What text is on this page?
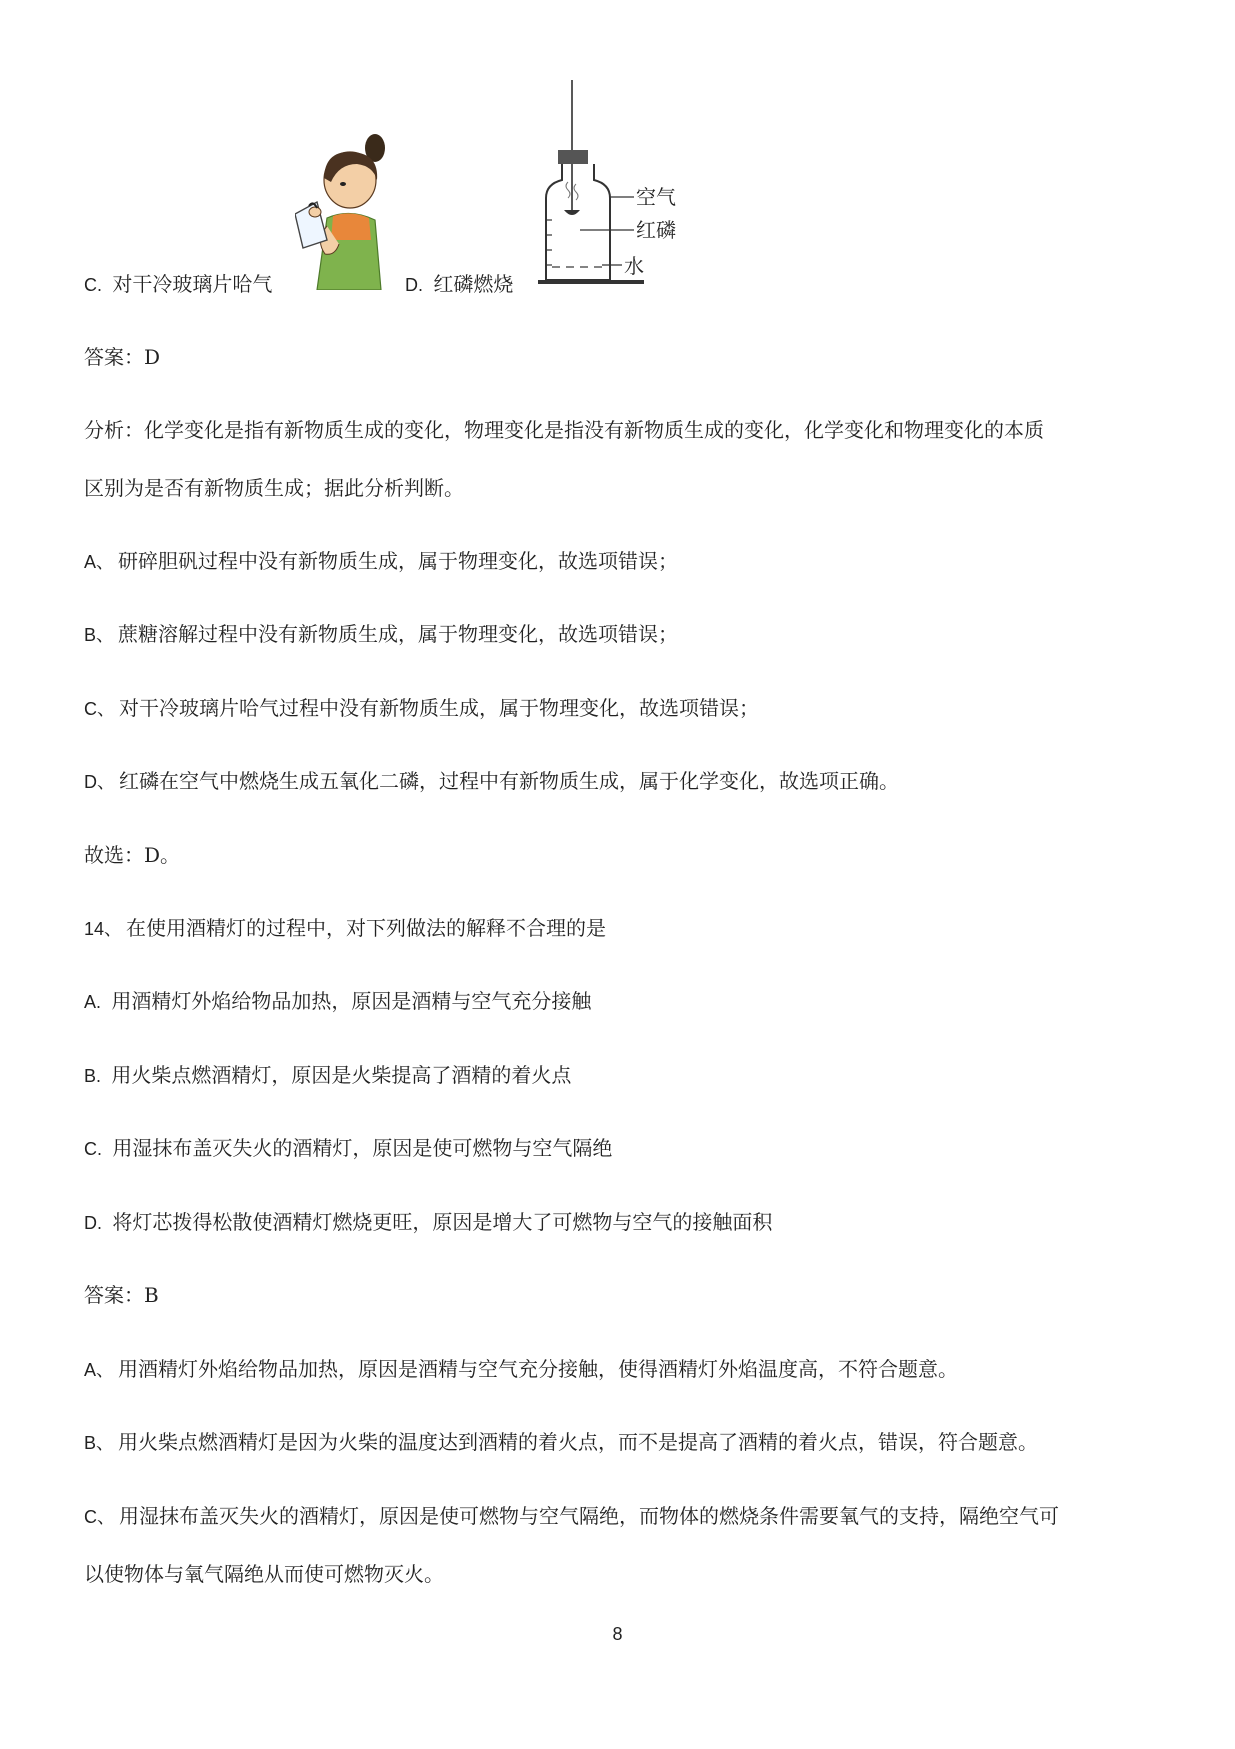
C. 对干冷玻璃片哈气	D. 红磷燃烧
空气
红磷
水
答案：D
分析：化学变化是指有新物质生成的变化，物理变化是指没有新物质生成的变化，化学变化和物理变化的本质
区别为是否有新物质生成；据此分析判断。
A、 研碎胆矾过程中没有新物质生成，属于物理变化，故选项错误；
B、 蔗糖溶解过程中没有新物质生成，属于物理变化，故选项错误；
C、 对干冷玻璃片哈气过程中没有新物质生成，属于物理变化，故选项错误；
D、 红磷在空气中燃烧生成五氧化二磷，过程中有新物质生成，属于化学变化，故选项正确。
故选：D。
14、 在使用酒精灯的过程中，对下列做法的解释不合理的是
A. 用酒精灯外焰给物品加热，原因是酒精与空气充分接触
B. 用火柴点燃酒精灯，原因是火柴提高了酒精的着火点
C. 用湿抹布盖灭失火的酒精灯，原因是使可燃物与空气隔绝
D. 将灯芯拨得松散使酒精灯燃烧更旺，原因是增大了可燃物与空气的接触面积
答案：B
A、 用酒精灯外焰给物品加热，原因是酒精与空气充分接触，使得酒精灯外焰温度高，不符合题意。
B、 用火柴点燃酒精灯是因为火柴的温度达到酒精的着火点，而不是提高了酒精的着火点，错误，符合题意。
C、 用湿抹布盖灭失火的酒精灯，原因是使可燃物与空气隔绝，而物体的燃烧条件需要氧气的支持，隔绝空气可
以使物体与氧气隔绝从而使可燃物灭火。
8
